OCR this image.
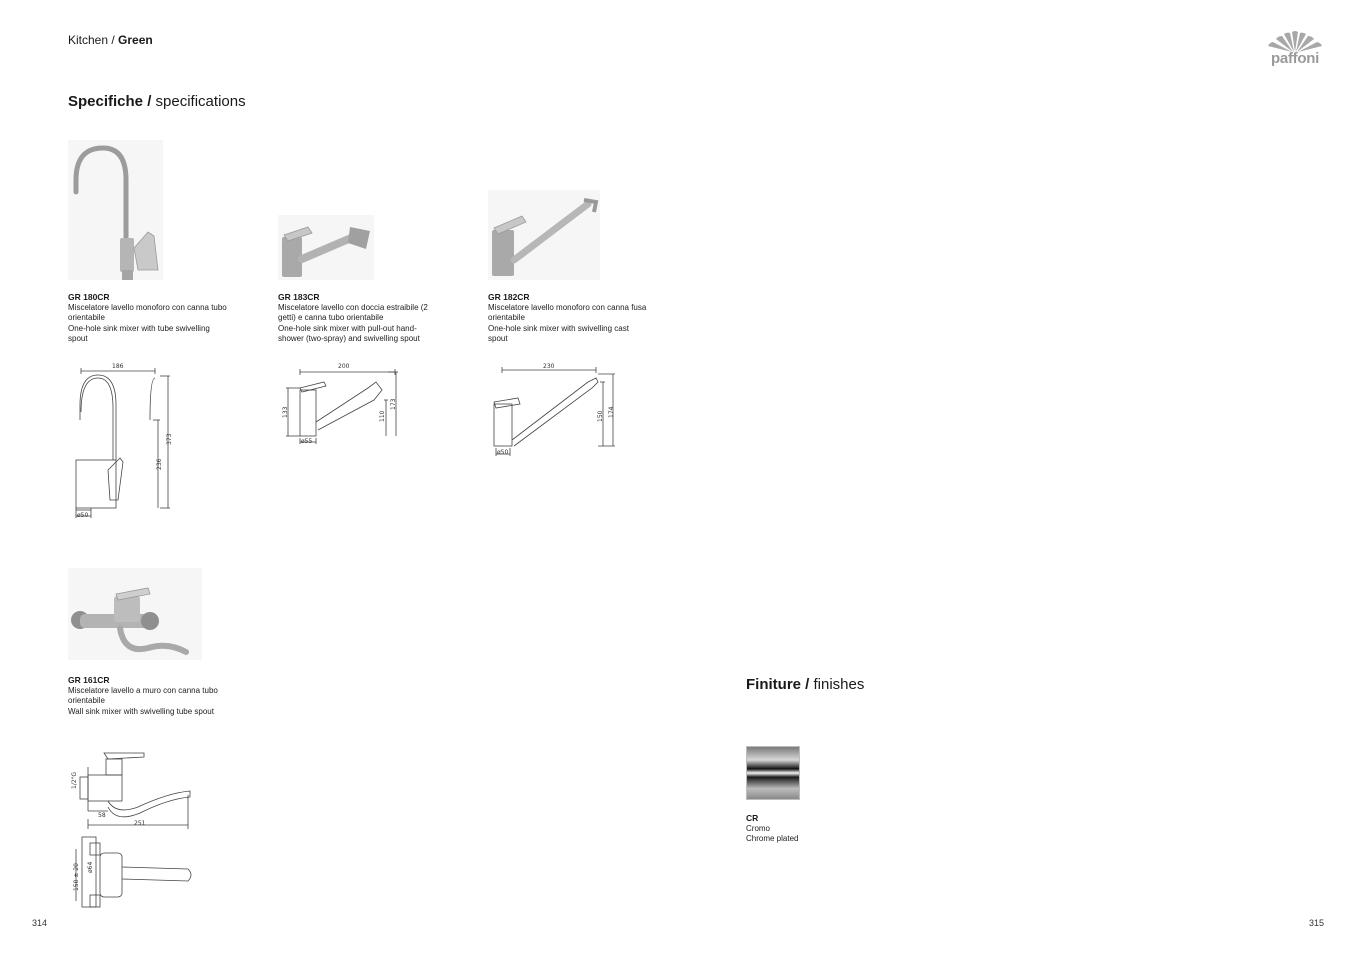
Kitchen / Green
paffoni
Specifiche / specifications
GR 180CR
Miscelatore lavello monoforo con canna tubo orientabile
One-hole sink mixer with tube swivelling spout
186
373
236
ø50
GR 183CR
Miscelatore lavello con doccia estraibile (2 getti) e canna tubo orientabile
One-hole sink mixer with pull-out hand-shower (two-spray) and swivelling spout
200
133	110
173
ø55
GR 182CR
Miscelatore lavello monoforo con canna fusa orientabile
One-hole sink mixer with swivelling cast spout
230
150 174
ø50
GR 161CR
Miscelatore lavello a muro con canna tubo orientabile
Wall sink mixer with swivelling tube spout
1/2"G
58
251
150 ± 20 ø64
Finiture / finishes
CR
Cromo
Chrome plated
314	315
